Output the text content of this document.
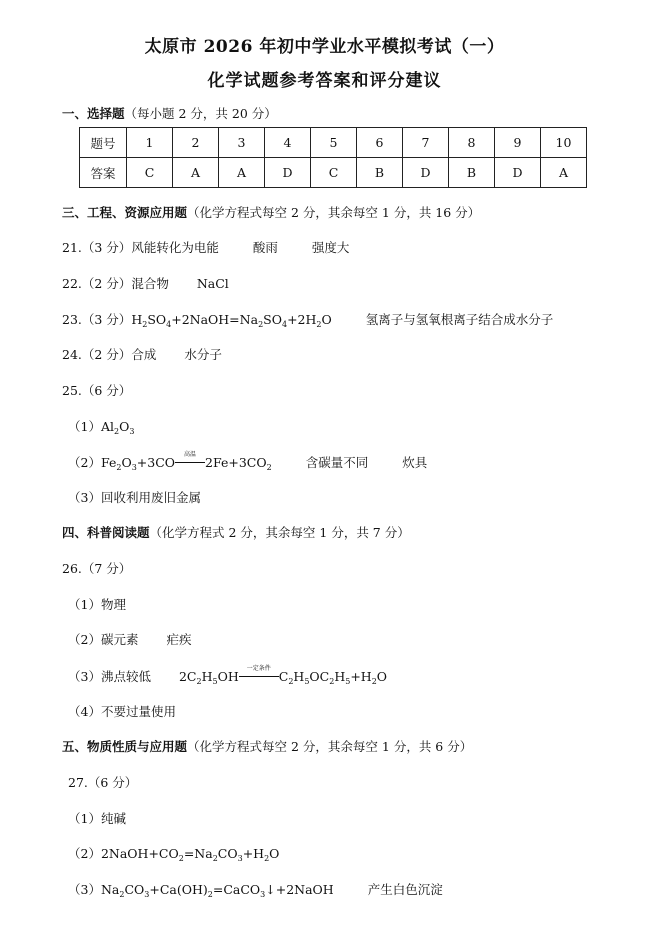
太原市 2026 年初中学业水平模拟考试（一）
化学试题参考答案和评分建议
一、选择题（每小题 2 分，共 20 分）
题号	1	2	3	4	5	6	7	8	9	10
答案	C	A	A	D	C	B	D	B	D	A
三、工程、资源应用题（化学方程式每空 2 分，其余每空 1 分，共 16 分）
21.（3 分）风能转化为电能	酸雨	强度大
22.（2 分）混合物 NaCl
23.（3 分）$H_2SO_4+2NaOH=Na_2SO_4+2H_2O$	氢离子与氢氧根离子结合成水分子
24.（2 分）合成 水分子
25.（6 分）
$(1)Al_2O_3$
$(2)Fe_2O_3+3CO$
高温
$2Fe+3CO_2$	含碳量不同	炊具
（3）回收利用废旧金属
四、科普阅读题（化学方程式 2 分，其余每空 1 分，共 7 分）
26.（7 分）
（1）物理
（2）碳元素 疟疾
（3）沸点较低 $2C_2H_5OH$
一定条件
$C_2H_5OC_2H_5+H_2O$
（4）不要过量使用
五、物质性质与应用题（化学方程式每空 2 分，其余每空 1 分，共 6 分）
27.（6 分）
（1）纯碱
$(2)2NaOH+CO_2=Na_2CO_3+H_2O$
$(3)Na_2CO_3+Ca(OH)_2=CaCO_3↓+2NaOH$	产生白色沉淀
